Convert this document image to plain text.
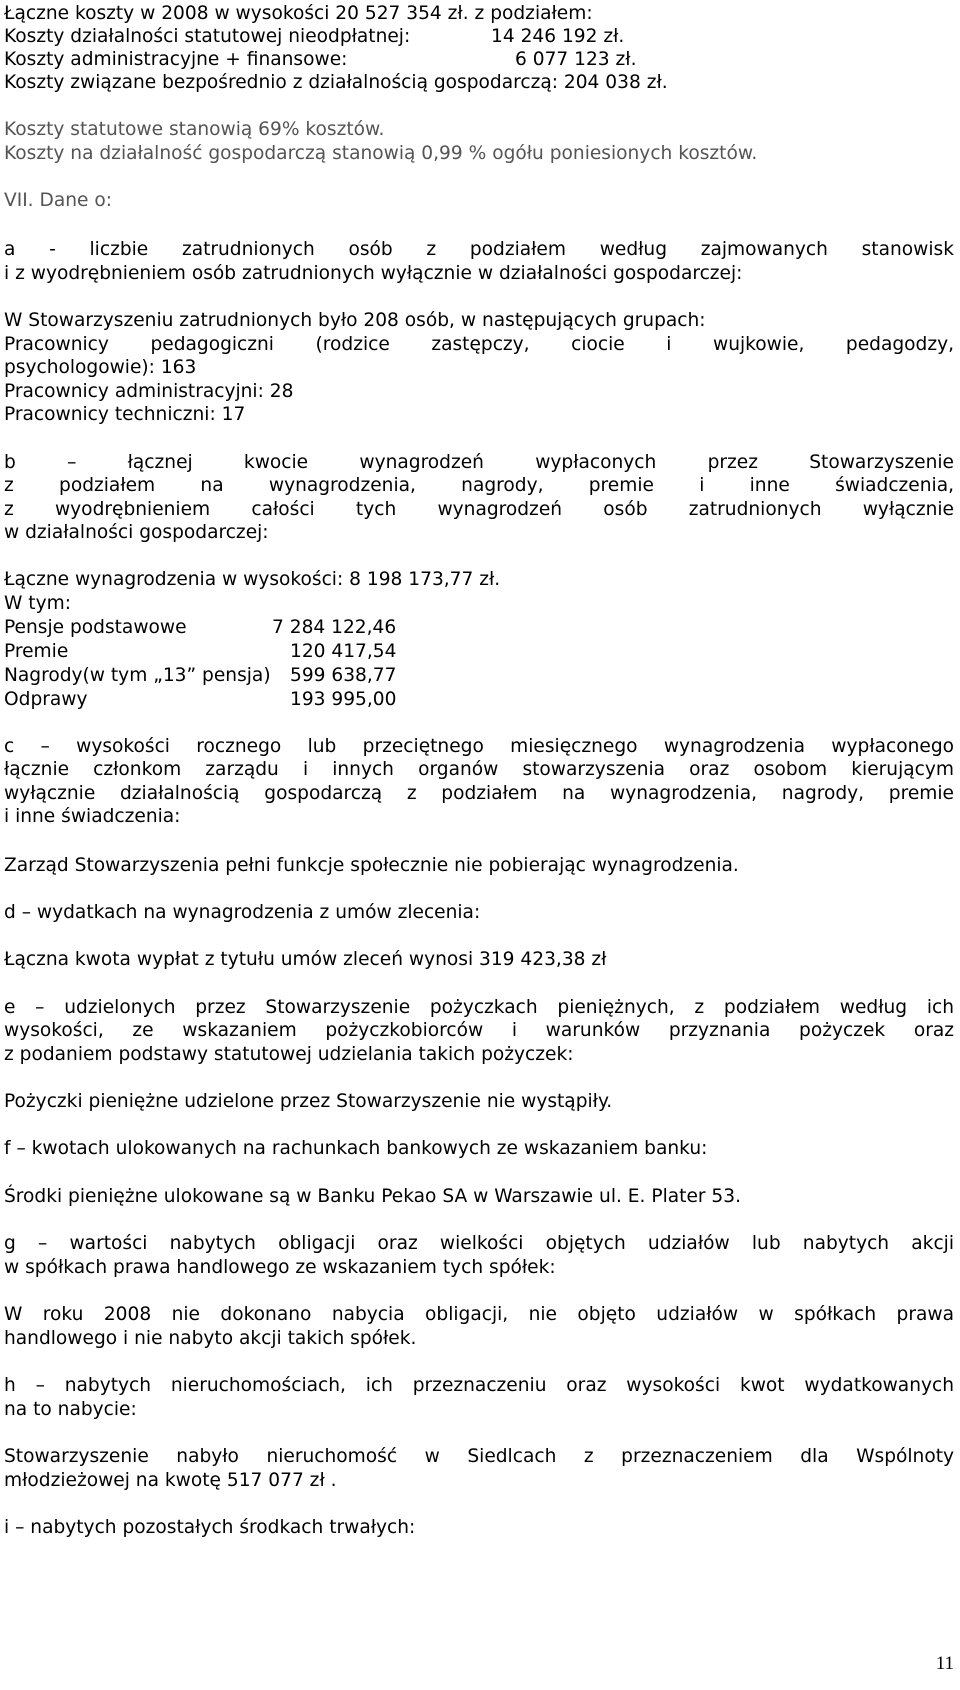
Łączne koszty w 2008 w wysokości 20 527 354 zł. z podziałem:
Koszty działalności statutowej nieodpłatnej:	14 246 192 zł.
Koszty administracyjne + finansowe:	6 077 123 zł.
Koszty związane bezpośrednio z działalnością gospodarczą: 204 038 zł.
Koszty statutowe stanowią 69% kosztów.
Koszty na działalność gospodarczą stanowią 0,99 % ogółu poniesionych kosztów.
VII. Dane o:
a - liczbie zatrudnionych osób z podziałem według zajmowanych stanowisk
i z wyodrębnieniem osób zatrudnionych wyłącznie w działalności gospodarczej:
W Stowarzyszeniu zatrudnionych było 208 osób, w następujących grupach:
Pracownicy pedagogiczni (rodzice zastępczy, ciocie i wujkowie, pedagodzy,
psychologowie): 163
Pracownicy administracyjni: 28
Pracownicy techniczni: 17
b – łącznej kwocie wynagrodzeń wypłaconych przez Stowarzyszenie
z podziałem na wynagrodzenia, nagrody, premie i inne świadczenia,
z wyodrębnieniem całości tych wynagrodzeń osób zatrudnionych wyłącznie
w działalności gospodarczej:
Łączne wynagrodzenia w wysokości: 8 198 173,77 zł.
W tym:
Pensje podstawowe	7 284 122,46
Premie	120 417,54
Nagrody(w tym „13” pensja) 599 638,77
Odprawy	193 995,00
c – wysokości rocznego lub przeciętnego miesięcznego wynagrodzenia wypłaconego
łącznie członkom zarządu i innych organów stowarzyszenia oraz osobom kierującym
wyłącznie działalnością gospodarczą z podziałem na wynagrodzenia, nagrody, premie
i inne świadczenia:
Zarząd Stowarzyszenia pełni funkcje społecznie nie pobierając wynagrodzenia.
d – wydatkach na wynagrodzenia z umów zlecenia:
Łączna kwota wypłat z tytułu umów zleceń wynosi 319 423,38 zł
e – udzielonych przez Stowarzyszenie pożyczkach pieniężnych, z podziałem według ich
wysokości, ze wskazaniem pożyczkobiorców i warunków przyznania pożyczek oraz
z podaniem podstawy statutowej udzielania takich pożyczek:
Pożyczki pieniężne udzielone przez Stowarzyszenie nie wystąpiły.
f – kwotach ulokowanych na rachunkach bankowych ze wskazaniem banku:
Środki pieniężne ulokowane są w Banku Pekao SA w Warszawie ul. E. Plater 53.
g – wartości nabytych obligacji oraz wielkości objętych udziałów lub nabytych akcji
w spółkach prawa handlowego ze wskazaniem tych spółek:
W roku 2008 nie dokonano nabycia obligacji, nie objęto udziałów w spółkach prawa
handlowego i nie nabyto akcji takich spółek.
h – nabytych nieruchomościach, ich przeznaczeniu oraz wysokości kwot wydatkowanych
na to nabycie:
Stowarzyszenie nabyło nieruchomość w Siedlcach z przeznaczeniem dla Wspólnoty
młodzieżowej na kwotę 517 077 zł .
i – nabytych pozostałych środkach trwałych:
11
